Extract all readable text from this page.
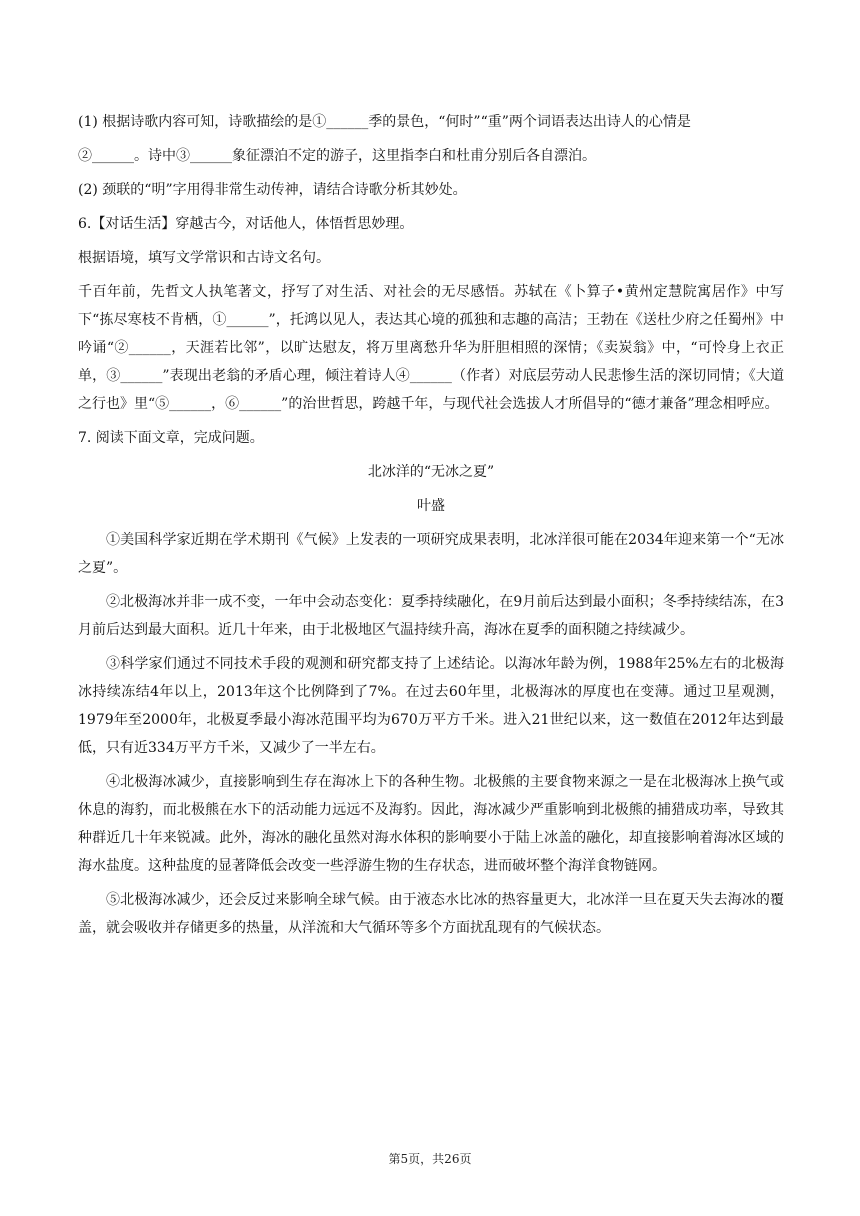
(1) 根据诗歌内容可知，诗歌描绘的是①______季的景色，“何时”“重”两个词语表达出诗人的心情是

②______。诗中③______象征漂泊不定的游子，这里指李白和杜甫分别后各自漂泊。

(2) 颈联的“明”字用得非常生动传神，请结合诗歌分析其妙处。

6.【对话生活】穿越古今，对话他人，体悟哲思妙理。

根据语境，填写文学常识和古诗文名句。

千百年前，先哲文人执笔著文，抒写了对生活、对社会的无尽感悟。苏轼在《卜算子•黄州定慧院寓居作》中写下“拣尽寒枝不肯栖，①______”，托鸿以见人，表达其心境的孤独和志趣的高洁；王勃在《送杜少府之任蜀州》中吟诵“②______，天涯若比邻”，以旷达慰友，将万里离愁升华为肝胆相照的深情；《卖炭翁》中，“可怜身上衣正单，③______”表现出老翁的矛盾心理，倾注着诗人④______（作者）对底层劳动人民悲惨生活的深切同情；《大道之行也》里“⑤______，⑥______”的治世哲思，跨越千年，与现代社会选拔人才所倡导的“德才兼备”理念相呼应。

7. 阅读下面文章，完成问题。

北冰洋的“无冰之夏”
叶盛

①美国科学家近期在学术期刊《气候》上发表的一项研究成果表明，北冰洋很可能在2034年迎来第一个“无冰之夏”。

②北极海冰并非一成不变，一年中会动态变化：夏季持续融化，在9月前后达到最小面积；冬季持续结冻，在3月前后达到最大面积。近几十年来，由于北极地区气温持续升高，海冰在夏季的面积随之持续减少。

③科学家们通过不同技术手段的观测和研究都支持了上述结论。以海冰年龄为例，1988年25%左右的北极海冰持续冻结4年以上，2013年这个比例降到了7%。在过去60年里，北极海冰的厚度也在变薄。通过卫星观测，1979年至2000年，北极夏季最小海冰范围平均为670万平方千米。进入21世纪以来，这一数值在2012年达到最低，只有近334万平方千米，又减少了一半左右。

④北极海冰减少，直接影响到生存在海冰上下的各种生物。北极熊的主要食物来源之一是在北极海冰上换气或休息的海豹，而北极熊在水下的活动能力远远不及海豹。因此，海冰减少严重影响到北极熊的捕猎成功率，导致其种群近几十年来锐减。此外，海冰的融化虽然对海水体积的影响要小于陆上冰盖的融化，却直接影响着海冰区域的海水盐度。这种盐度的显著降低会改变一些浮游生物的生存状态，进而破坏整个海洋食物链网。

⑤北极海冰减少，还会反过来影响全球气候。由于液态水比冰的热容量更大，北冰洋一旦在夏天失去海冰的覆盖，就会吸收并存储更多的热量，从洋流和大气循环等多个方面扰乱现有的气候状态。

第5页，共26页
